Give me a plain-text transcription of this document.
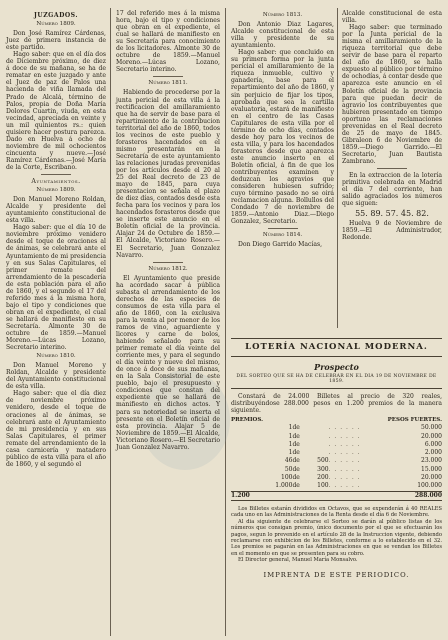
JUZGADOS.

Número 1809.

Don José Ramírez Cárdenas, Juez de primera instancia de este partido.

Hago saber: que en el día dos de Diciembre próximo, de diez á doce de su mañana, se ha de rematar en este juzgado y ante el Juez de paz de Palos una hacienda de viña llamada del Prado de Alcalá, término de Palos, propia de Doña María Dolores Cuartin, viuda, en esta vecindad, apreciada en veinte y un mil quinientos rs.: quien quisiere hacer postura parezca. Dado en Huelva á ocho de noviembre de mil ochocientos cincuenta y nueve.—José Ramírez Cárdenas.—José María de la Corte, Escribano.

Ayuntamientos.

Número 1809.

Don Manuel Moreno Roldan, Alcalde y presidente del ayuntamiento constitucional de esta villa.

Hago saber: que el día 10 de noviembre próximo venidero desde el toque de oraciones al de ánimas, se celebrará ante el Ayuntamiento de mi presidencia y en sus Salas Capitulares, el primer remate del arrendamiento de la pescadería de esta población para el año de 1860, y el segundo el 17 del referido mes á la misma hora, bajo el tipo y condiciones que obran en el expediente, el cual se hallará de manifiesto en su Secretaría. Almonte 30 de octubre de 1859.—Manuel Moreno.—Lúcas Lozano, Secretario interino.

Número 1810.

Don Manuel Moreno y Roldan, Alcalde y presidente del Ayuntamiento constitucional de esta villa.

Hago saber: que el día diez de noviembre próximo venidero, desde el toque de oraciones al de ánimas, se celebrará ante el Ayuntamiento de mi presidencia y en sus Salas Capitulares, el primer remate del arrendamiento de la casa carnicería y matadero público de esta villa para el año de 1860, y el segundo el

17 del referido mes á la misma hora, bajo el tipo y condiciones que obran en el expediente, el cual se hallará de manifiesto en su Secretaría para conocimiento de los licitadores. Almonte 30 de octubre de 1859.—Manuel Moreno.—Lúcas Lozano, Secretario interino.

Número 1811.

Habiendo de procederse por la junta pericial de esta villa á la rectificacion del amillaramiento que ha de servir de base para el repartimiento de la contribucion territorial del año de 1860, todos los vecinos de este pueblo y forasteros hacendados en el mismo presentarán en la Secretaría de este ayuntamiento las relaciones juradas prevenidas por los artículos desde el 20 al 25 del Real decreto de 23 de mayo de 1845, para cuya presentacion se señala el plazo de diez días, contados desde esta fecha para los vecinos y para los hacendados forasteros desde que se inserte este anuncio en el Boletín oficial de la provincia. Alajar 24 de Octubre de 1859.—El Alcalde, Victoriano Rosero.—El Secretario, Juan Gonzalez Navarro.

Número 1812.

El Ayuntamiento que preside ha acordado sacar á pública subasta el arrendamiento de los derechos de las especies de consumos de esta villa para el año de 1860, con la exclusiva para la venta al por menor de los ramos de vino, aguardiente y licores y carne de bolos, habiendo señalado para su primer remate el día veinte del corriente mes, y para el segundo el día veinte y nueve del mismo, de once á doce de sus mañanas, en la Sala Consistorial de este pueblo, bajo el presupuesto y condiciones que constan del expediente que se hallará de manifiesto en dichos actos. Y para su notoriedad se inserta el presente en el Boletín oficial de esta provincia. Alajar 5 de Noviembre de 1859.—El Alcalde, Victoriano Rosero.—El Secretario Juan Gonzalez Navarro.

Número 1813.

Don Antonio Diaz Lagares, Alcalde constitucional de esta villa y presidente de su ayuntamiento.

Hago saber: que concluido en su primera forma por la junta pericial el amillaramiento de la riqueza inmueble, cultivo y ganadería, base para el repartimiento del año de 1860, y sin perjuicio de fijar los tipos, aprobada que sea la cartilla evaluatoria, estará de manifiesto en el centro de las Casas Capitulares de esta villa por el término de ocho días, contados desde hoy para los vecinos de esta villa, y para los hacendados forasteros desde que aparezca este anuncio inserto en el Boletín oficial, á fin de que los contribuyentes examinen y deduzcan los agravios que consideren hubiesen sufrido; cuyo término pasado no se oirá reclamacion alguna. Bollullos del Condado 7 de noviembre de 1859.—Antonio Diaz.—Diego Gonzalez, Secretario.

Número 1814.

Don Diego Garrido Macías,

Alcalde constitucional de esta villa.

Hago saber: que terminado por la Junta pericial de la misma el amillaramiento de la riqueza territorial que debe servir de base para el reparto del año de 1860, se halla expuesto al público por término de ochodías, á contar desde que aparezca este anuncio en el Boletín oficial de la provincia para que puedan decir de agravio los contribuyentes que hubieren presentado en tiempo oportuno las reclamaciones prevenidas en el Real decreto de 25 de mayo de 1845. Gibraleon 6 de Noviembre de 1859.—Diego Garrido.—El Secretario, Juan Bautista Zambrano.

En la extraccion de la lotería primitiva celebrada en Madrid el día 7 del corriente, han salido agraciados los números que siguen:

55. 89. 57. 45. 82.

Huelva 9 de Noviembre de 1859.—El Administrador, Redonde.

LOTERÍA NACIONAL MODERNA.

Prospecto

DEL SORTEO QUE SE HA DE CELEBRAR EN EL DIA 19 DE NOVIEMBRE DE 1859.

Constará de 24.000 Billetes al precio de 320 reales, distribuyéndose 288.000 pesos en 1.200 premios de la manera siguiente.

PREMIOS.			PESOS FUERTES.	
1	de		. . . . . .	50.000
1	de		. . . . . .	20.000
1	de		. . . . . .	6.000
1	de		. . . . . .	2.000
46	de	500	. . . . . .	23.000
50	de	300	. . . . . .	15.000
100	de	200	. . . . . .	20.000
1.000	de	100	. . . . . .	100.000
1.200				288.000

Los Billetes estarán divididos en Octavos, que se expenderán á 40 REALES cada uno en las Administraciones de la Renta desde el día 6 de Noviembre.

Al dia siguiente de celebrarse el Sorteo se darán al público listas de los números que consigan premio, único documento por el que se efectuarán los pagos, segun lo prevenido en el artículo 28 de la Instruccion vigente, debiendo reclamarse con exhibicion de los Billetes, conforme a lo establecido en el 32. Los premios se pagarán en las Administraciones en que se vendan los Billetes en el momento en que se presenten para su cobro.

El Director general, Manuel María Monsalvo.

IMPRENTA DE ESTE PERIODICO.
